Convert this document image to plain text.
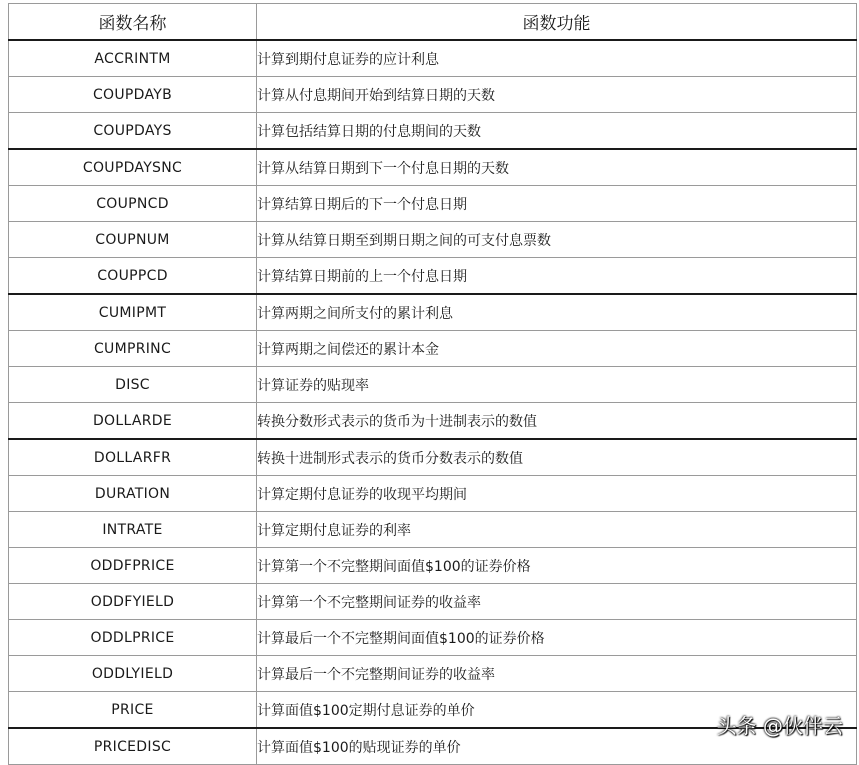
函数名称	函数功能
ACCRINTM	计算到期付息证券的应计利息
COUPDAYB	计算从付息期间开始到结算日期的天数
COUPDAYS	计算包括结算日期的付息期间的天数
COUPDAYSNC	计算从结算日期到下一个付息日期的天数
COUPNCD	计算结算日期后的下一个付息日期
COUPNUM	计算从结算日期至到期日期之间的可支付息票数
COUPPCD	计算结算日期前的上一个付息日期
CUMIPMT	计算两期之间所支付的累计利息
CUMPRINC	计算两期之间偿还的累计本金
DISC	计算证券的贴现率
DOLLARDE	转换分数形式表示的货币为十进制表示的数值
DOLLARFR	转换十进制形式表示的货币分数表示的数值
DURATION	计算定期付息证券的收现平均期间
INTRATE	计算定期付息证券的利率
ODDFPRICE	计算第一个不完整期间面值$100的证券价格
ODDFYIELD	计算第一个不完整期间证券的收益率
ODDLPRICE	计算最后一个不完整期间面值$100的证券价格
ODDLYIELD	计算最后一个不完整期间证券的收益率
PRICE	计算面值$100定期付息证券的单价
PRICEDISC	计算面值$100的贴现证券的单价
头条 @伙伴云
